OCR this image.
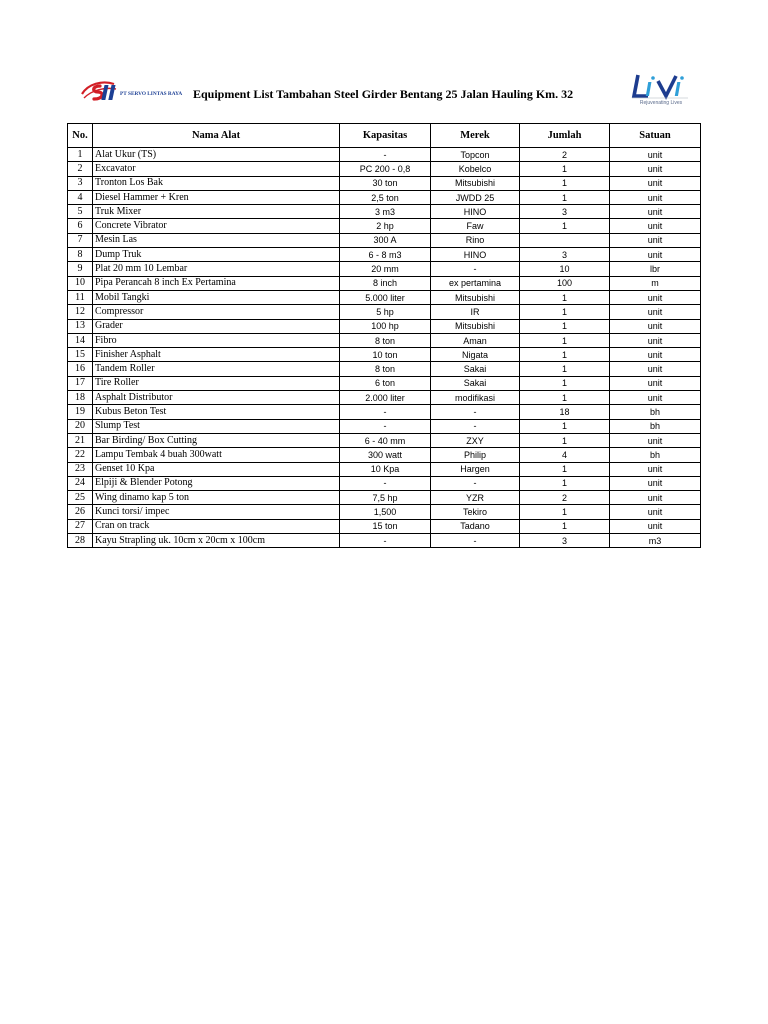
PT SERVO LINTAS RAYA Equipment List Tambahan Steel Girder Bentang 25 Jalan Hauling Km. 32
Rejuvenating Lives
No.	Nama Alat	Kapasitas	Merek	Jumlah	Satuan
1	Alat Ukur (TS)	-	Topcon	2	unit
2	Excavator	PC 200 - 0,8	Kobelco	1	unit
3	Tronton Los Bak	30 ton	Mitsubishi	1	unit
4	Diesel Hammer + Kren	2,5 ton	JWDD 25	1	unit
5	Truk Mixer	3 m3	HINO	3	unit
6	Concrete Vibrator	2 hp	Faw	1	unit
7	Mesin Las	300 A	Rino		unit
8	Dump Truk	6 - 8 m3	HINO	3	unit
9	Plat 20 mm 10 Lembar	20 mm	-	10	lbr
10	Pipa Perancah 8 inch Ex Pertamina	8 inch	ex pertamina	100	m
11	Mobil Tangki	5.000 liter	Mitsubishi	1	unit
12	Compressor	5 hp	IR	1	unit
13	Grader	100 hp	Mitsubishi	1	unit
14	Fibro	8 ton	Aman	1	unit
15	Finisher Asphalt	10 ton	Nigata	1	unit
16	Tandem Roller	8 ton	Sakai	1	unit
17	Tire Roller	6 ton	Sakai	1	unit
18	Asphalt Distributor	2.000 liter	modifikasi	1	unit
19	Kubus Beton Test	-	-	18	bh
20	Slump Test	-	-	1	bh
21	Bar Birding/ Box Cutting	6 - 40 mm	ZXY	1	unit
22	Lampu Tembak 4 buah 300watt	300 watt	Philip	4	bh
23	Genset 10 Kpa	10 Kpa	Hargen	1	unit
24	Elpiji & Blender Potong	-	-	1	unit
25	Wing dinamo kap 5 ton	7,5 hp	YZR	2	unit
26	Kunci torsi/ impec	1,500	Tekiro	1	unit
27	Cran on track	15 ton	Tadano	1	unit
28	Kayu Strapling uk. 10cm x 20cm x 100cm	-	-	3	m3
